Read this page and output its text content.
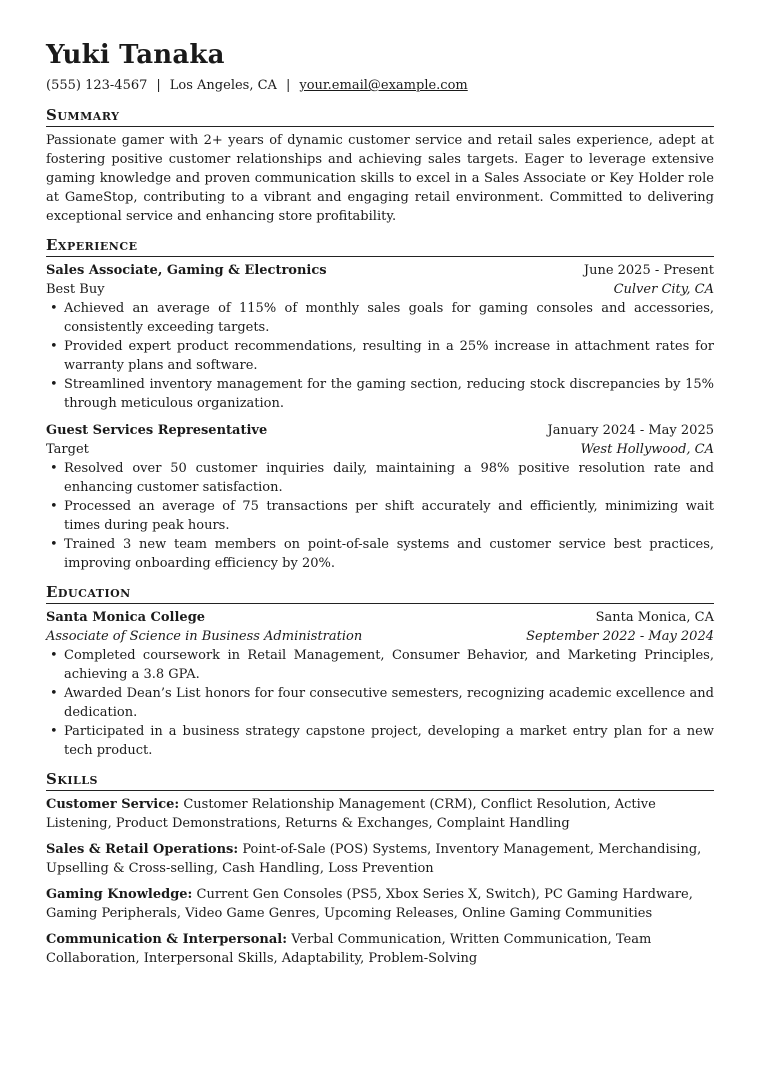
Yuki Tanaka
(555) 123-4567 | Los Angeles, CA | your.email@example.com
Summary

Passionate gamer with 2+ years of dynamic customer service and retail sales experience, adept at fostering positive customer relationships and achieving sales targets. Eager to leverage extensive gaming knowledge and proven communication skills to excel in a Sales Associate or Key Holder role at GameStop, contributing to a vibrant and engaging retail environment. Committed to delivering exceptional service and enhancing store profitability.

Experience
Sales Associate, Gaming & Electronics	June 2025 - Present
Best Buy	Culver City, CA
• Achieved an average of 115% of monthly sales goals for gaming consoles and accessories, consistently exceeding targets.
• Provided expert product recommendations, resulting in a 25% increase in attachment rates for warranty plans and software.
• Streamlined inventory management for the gaming section, reducing stock discrepancies by 15% through meticulous organization.
Guest Services Representative	January 2024 - May 2025
Target	West Hollywood, CA
• Resolved over 50 customer inquiries daily, maintaining a 98% positive resolution rate and enhancing customer satisfaction.
• Processed an average of 75 transactions per shift accurately and efficiently, minimizing wait times during peak hours.
• Trained 3 new team members on point-of-sale systems and customer service best practices, improving onboarding efficiency by 20%.
Education
Santa Monica College	Santa Monica, CA
Associate of Science in Business Administration	September 2022 - May 2024
• Completed coursework in Retail Management, Consumer Behavior, and Marketing Principles, achieving a 3.8 GPA.
• Awarded Dean’s List honors for four consecutive semesters, recognizing academic excellence and dedication.
• Participated in a business strategy capstone project, developing a market entry plan for a new tech product.
Skills

Customer Service: Customer Relationship Management (CRM), Conflict Resolution, Active Listening, Product Demonstrations, Returns & Exchanges, Complaint Handling

Sales & Retail Operations: Point-of-Sale (POS) Systems, Inventory Management, Merchandising, Upselling & Cross-selling, Cash Handling, Loss Prevention

Gaming Knowledge: Current Gen Consoles (PS5, Xbox Series X, Switch), PC Gaming Hardware, Gaming Peripherals, Video Game Genres, Upcoming Releases, Online Gaming Communities

Communication & Interpersonal: Verbal Communication, Written Communication, Team Collaboration, Interpersonal Skills, Adaptability, Problem-Solving
